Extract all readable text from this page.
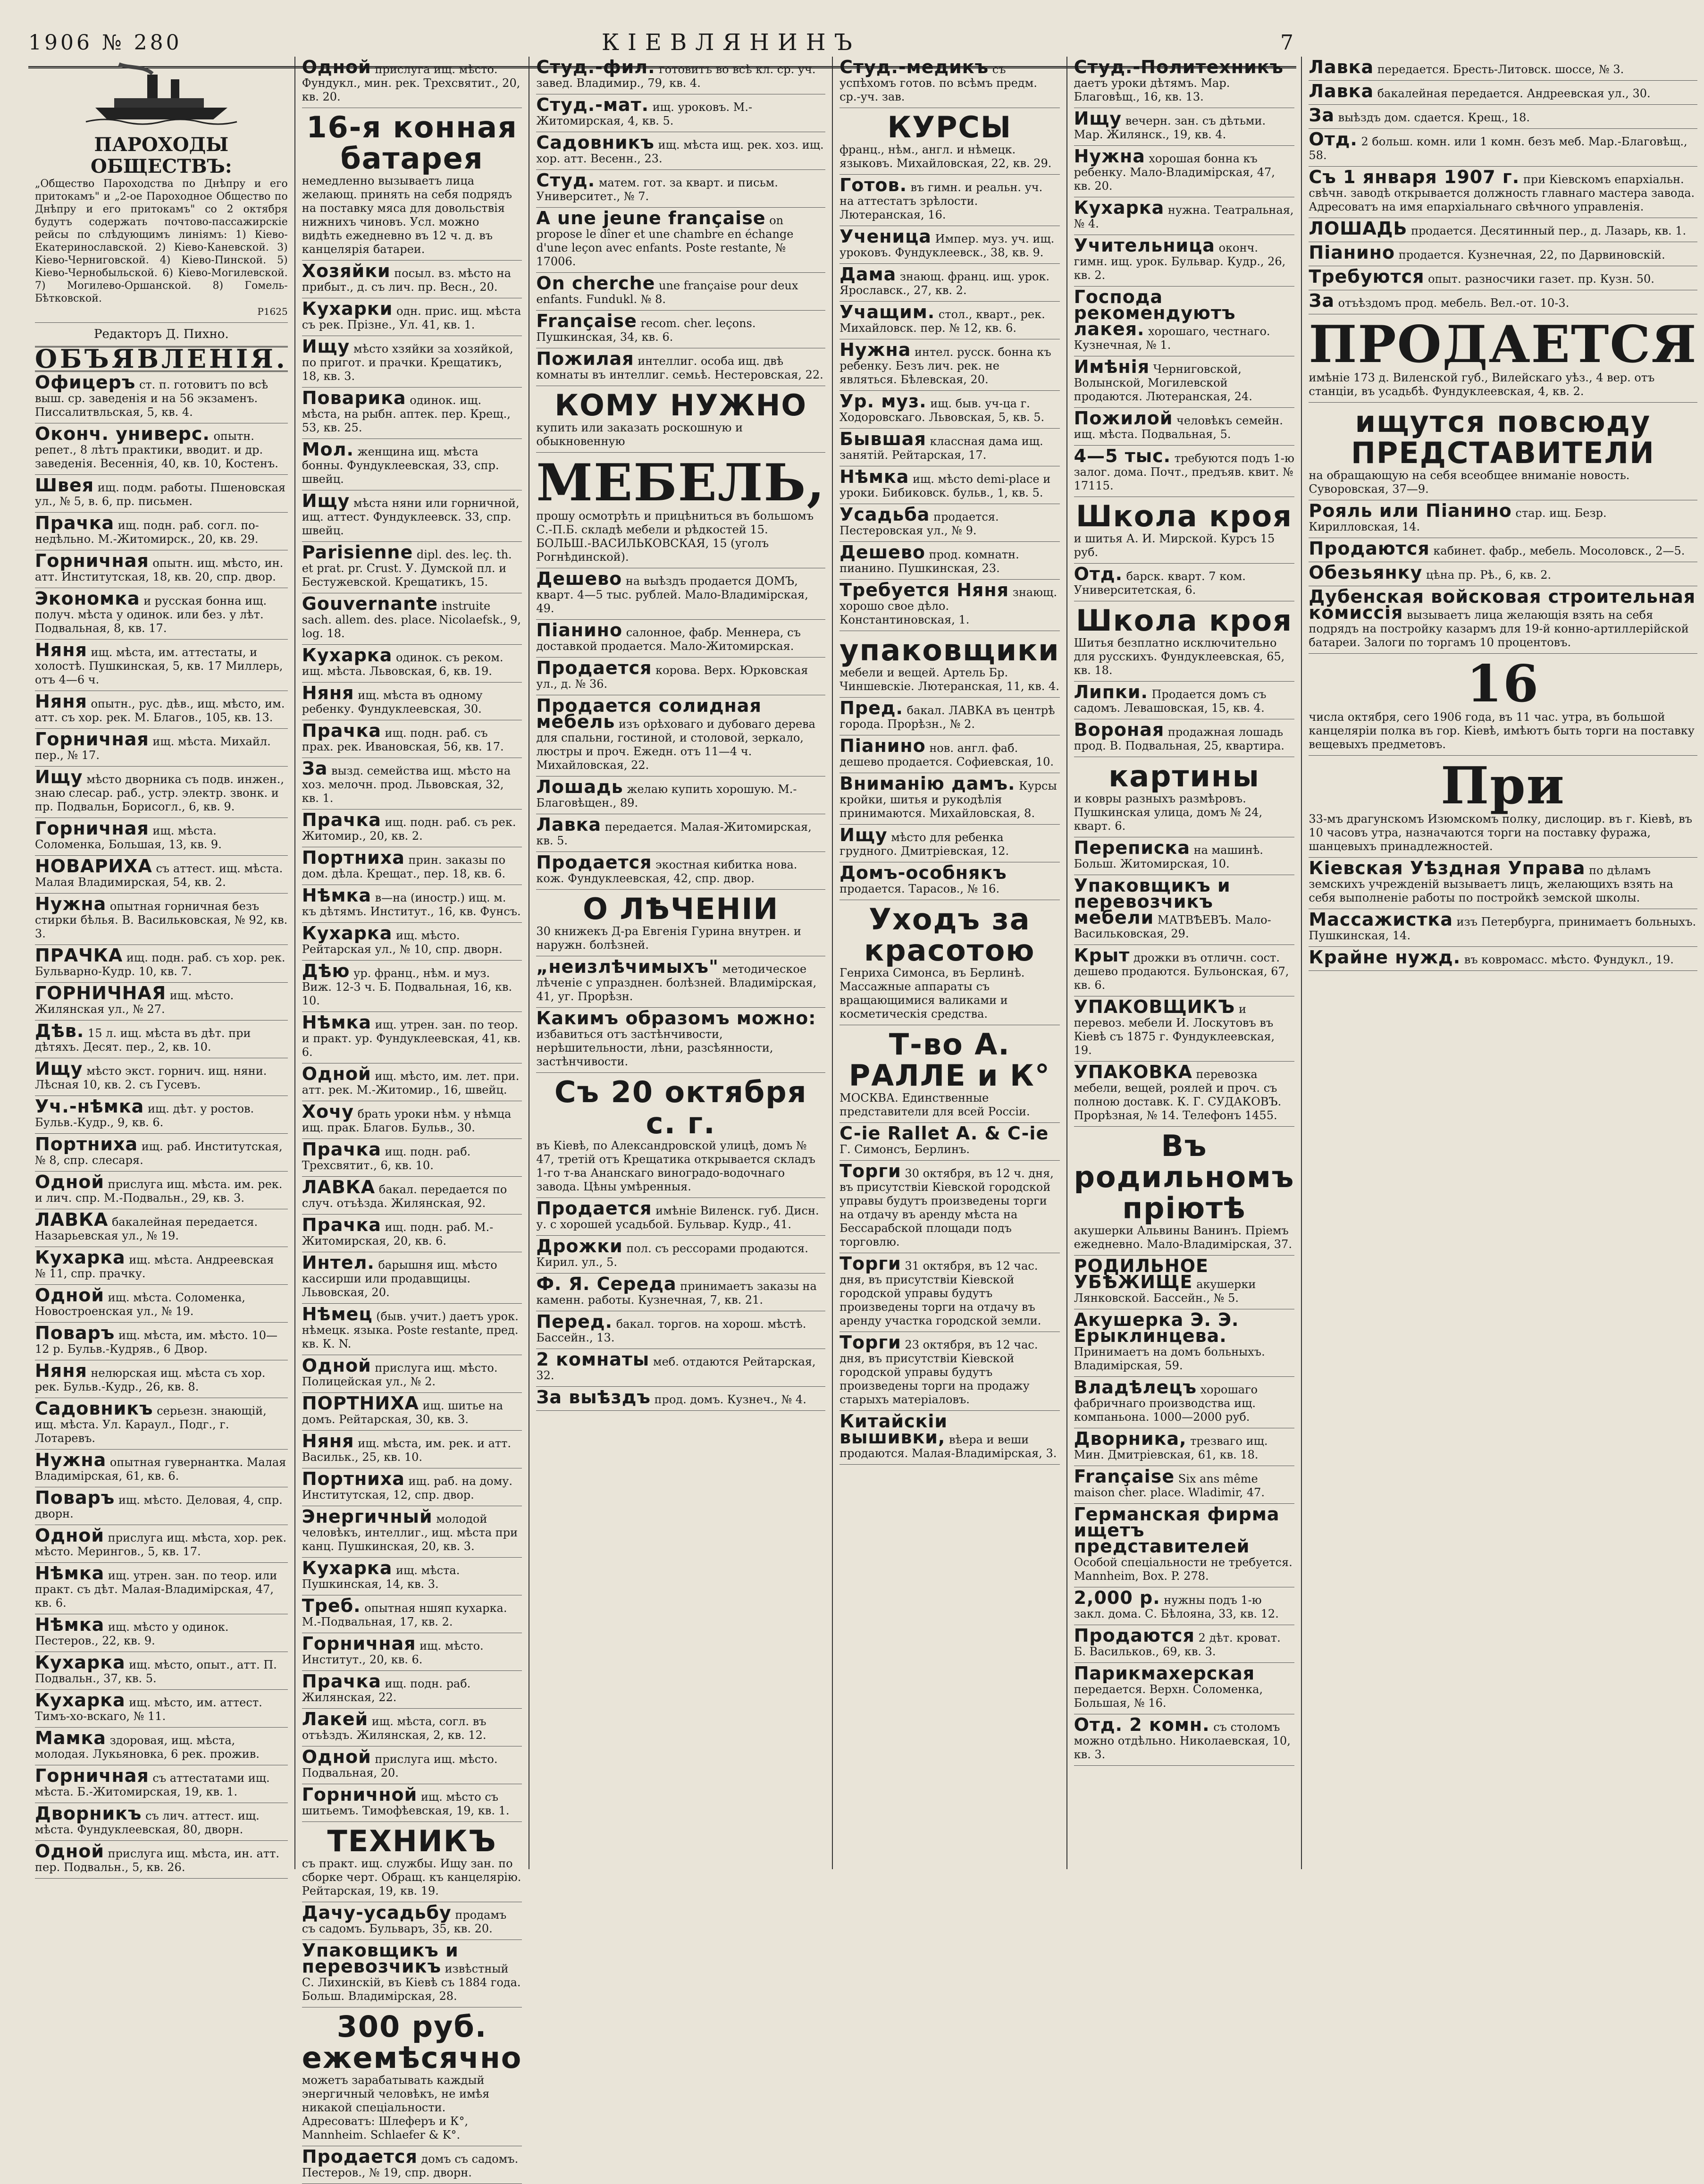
1906 № 280	КІЕВЛЯНИНЪ	7
ПАРОХОДЫ ОБЩЕСТВЪ:
„Общество Пароходства по Днѣпру и его притокамъ" и „2-ое Пароходное Общество по Днѣпру и его притокамъ" со 2 октября будутъ содержать почтово-пассажирскіе рейсы по слѣдующимъ линіямъ: 1) Кіево-Екатеринославской. 2) Кіево-Каневской. 3) Кіево-Черниговской. 4) Кіево-Пинской. 5) Кіево-Чернобыльской. 6) Кіево-Могилевской. 7) Могилево-Оршанской. 8) Гомель-Бѣтковской.
P1625
Редакторъ Д. Пихно.
ОБЪЯВЛЕНІЯ.
Офицеръ ст. п. готовитъ по всѣ выш. ср. заведенія и на 56 экзаменъ. Писсалитвльская, 5, кв. 4.
Оконч. универс. опытн. репет., 8 лѣтъ практики, вводит. и др. заведенія. Весеннія, 40, кв. 10, Костенъ.
Швея ищ. подм. работы. Пшеновская ул., № 5, в. 6, пр. письмен.
Прачка ищ. подн. раб. согл. по-недѣльно. М.-Житомирск., 20, кв. 29.
Горничная опытн. ищ. мѣсто, ин. атт. Институтская, 18, кв. 20, спр. двор.
Экономка и русская бонна ищ. получ. мѣста у одинок. или без. у лѣт. Подвальная, 8, кв. 17.
Няня ищ. мѣста, им. аттестаты, и холостѣ. Пушкинская, 5, кв. 17 Миллерь, отъ 4—6 ч.
Няня опытн., рус. дѣв., ищ. мѣсто, им. атт. съ хор. рек. М. Благов., 105, кв. 13.
Горничная ищ. мѣста. Михайл. пер., № 17.
Ищу мѣсто дворника съ подв. инжен., знаю слесар. раб., устр. электр. звонк. и пр. Подвальн, Борисогл., 6, кв. 9.
Горничная ищ. мѣста. Соломенка, Большая, 13, кв. 9.
НОВАРИХА съ аттест. ищ. мѣста. Малая Владимирская, 54, кв. 2.
Нужна опытная горничная безъ стирки бѣлья. В. Васильковская, № 92, кв. 3.
ПРАЧКА ищ. подн. раб. съ хор. рек. Бульварно-Кудр. 10, кв. 7.
ГОРНИЧНАЯ ищ. мѣсто. Жилянская ул., № 27.
Дѣв. 15 л. ищ. мѣста въ дѣт. при дѣтяхъ. Десят. пер., 2, кв. 10.
Ищу мѣсто экст. горнич. ищ. няни. Лѣсная 10, кв. 2. съ Гусевъ.
Уч.-нѣмка ищ. дѣт. у ростов. Бульв.-Кудр., 9, кв. 6.
Портниха ищ. раб. Институтская, № 8, спр. слесаря.
Одной прислуга ищ. мѣста. им. рек. и лич. спр. М.-Подвальн., 29, кв. 3.
ЛАВКА бакалейная передается. Назарьевская ул., № 19.
Кухарка ищ. мѣста. Андреевская № 11, спр. прачку.
Одной ищ. мѣста. Соломенка, Новостроенская ул., № 19.
Поваръ ищ. мѣста, им. мѣсто. 10—12 р. Бульв.-Кудряв., 6 Двор.
Няня нелюрская ищ. мѣста съ хор. рек. Бульв.-Кудр., 26, кв. 8.
Садовникъ серьезн. знающій, ищ. мѣста. Ул. Караул., Подг., г. Лотаревъ.
Нужна опытная гувернантка. Малая Владимірская, 61, кв. 6.
Поваръ ищ. мѣсто. Деловая, 4, спр. дворн.
Одной прислуга ищ. мѣста, хор. рек. мѣсто. Мерингов., 5, кв. 17.
Нѣмка ищ. утрен. зан. по теор. или практ. съ дѣт. Малая-Владимірская, 47, кв. 6.
Нѣмка ищ. мѣсто у одинок. Пестеров., 22, кв. 9.
Кухарка ищ. мѣсто, опыт., атт. П. Подвальн., 37, кв. 5.
Кухарка ищ. мѣсто, им. аттест. Тимъ-хо-вскаго, № 11.
Мамка здоровая, ищ. мѣста, молодая. Лукьяновка, 6 рек. прожив.
Горничная съ аттестатами ищ. мѣста. Б.-Житомирская, 19, кв. 1.
Дворникъ съ лич. аттест. ищ. мѣста. Фундуклеевская, 80, дворн.
Одной прислуга ищ. мѣста, ин. атт. пер. Подвальн., 5, кв. 26.
Одной прислуга ищ. мѣсто. Фундукл., мин. рек. Трехсвятит., 20, кв. 20.
16-я конная батарея
немедленно вызываетъ лица желающ. принять на себя подрядъ на поставку мяса для довольствія нижнихъ чиновъ. Усл. можно видѣть ежедневно въ 12 ч. д. въ канцелярія батареи.
Хозяйки посыл. вз. мѣсто на прибыт., д. съ лич. пр. Весн., 20.
Кухарки одн. прис. ищ. мѣста съ рек. Прізне., Ул. 41, кв. 1.
Ищу мѣсто хзяйки за хозяйкой, по пригот. и прачки. Крещатикъ, 18, кв. 3.
Поварика одинок. ищ. мѣста, на рыбн. аптек. пер. Крещ., 53, кв. 25.
Мол. женщина ищ. мѣста бонны. Фундуклеевская, 33, спр. швейц.
Ищу мѣста няни или горничной, ищ. аттест. Фундуклеевск. 33, спр. швейц.
Parisienne dipl. des. leç. th. et prat. pr. Crust. У. Думской пл. и Бестужевской. Крещатикъ, 15.
Gouvernante instruite sach. allem. des. place. Nicolaefsk., 9, log. 18.
Кухарка одинок. съ реком. ищ. мѣста. Львовская, 6, кв. 19.
Няня ищ. мѣста въ одному ребенку. Фундуклеевская, 30.
Прачка ищ. подн. раб. съ прах. рек. Ивановская, 56, кв. 17.
За вызд. семейства ищ. мѣсто на хоз. мелочн. прод. Львовская, 32, кв. 1.
Прачка ищ. подн. раб. съ рек. Житомир., 20, кв. 2.
Портниха прин. заказы по дом. дѣла. Крещат., пер. 18, кв. 6.
Нѣмка в—на (иностр.) ищ. м. къ дѣтямъ. Институт., 16, кв. Фунсъ.
Кухарка ищ. мѣсто. Рейтарская ул., № 10, спр. дворн.
Дѣю ур. франц., нѣм. и муз. Виж. 12-3 ч. Б. Подвальная, 16, кв. 10.
Нѣмка ищ. утрен. зан. по теор. и практ. ур. Фундуклеевская, 41, кв. 6.
Одной ищ. мѣсто, им. лет. при. атт. рек. М.-Житомир., 16, швейц.
Хочу брать уроки нѣм. у нѣмца ищ. прак. Благов. Бульв., 30.
Прачка ищ. подн. раб. Трехсвятит., 6, кв. 10.
ЛАВКА бакал. передается по случ. отъѣзда. Жилянская, 92.
Прачка ищ. подн. раб. М.-Житомирская, 20, кв. 6.
Интел. барышня ищ. мѣсто кассирши или продавщицы. Львовская, 20.
Нѣмец (быв. учит.) даетъ урок. нѣмецк. языка. Poste restante, пред. кв. К. N.
Одной прислуга ищ. мѣсто. Полицейская ул., № 2.
ПОРТНИХА ищ. шитье на домъ. Рейтарская, 30, кв. 3.
Няня ищ. мѣста, им. рек. и атт. Васильк., 25, кв. 10.
Портниха ищ. раб. на дому. Институтская, 12, спр. двор.
Энергичный молодой человѣкъ, интеллиг., ищ. мѣста при канц. Пушкинская, 20, кв. 3.
Кухарка ищ. мѣста. Пушкинская, 14, кв. 3.
Треб. опытная ншяп кухарка. М.-Подвальная, 17, кв. 2.
Горничная ищ. мѣсто. Институт., 20, кв. 6.
Прачка ищ. подн. раб. Жилянская, 22.
Лакей ищ. мѣста, согл. въ отъѣздъ. Жилянская, 2, кв. 12.
Одной прислуга ищ. мѣсто. Подвальная, 20.
Горничной ищ. мѣсто съ шитьемъ. Тимофѣевская, 19, кв. 1.
ТЕХНИКЪ
съ практ. ищ. службы. Ищу зан. по сборке черт. Обращ. къ канцелярію. Рейтарская, 19, кв. 19.
Дачу-усадьбу продамъ съ садомъ. Бульваръ, 35, кв. 20.
Упаковщикъ и перевозчикъ извѣстный С. Лихинскій, въ Кіевѣ съ 1884 года. Больш. Владимірская, 28.
300 руб. ежемѣсячно
можетъ зарабатывать каждый энергичный человѣкъ, не имѣя никакой спеціальности. Адресоватъ: Шлеферъ и К°, Mannheim. Schlaefer & K°.
Продается домъ съ садомъ. Пестеров., № 19, спр. дворн.
Студ.-фил. готовитъ во всѣ кл. ср. уч. завед. Владимир., 79, кв. 4.
Студ.-мат. ищ. уроковъ. М.-Житомирская, 4, кв. 5.
Садовникъ ищ. мѣста ищ. рек. хоз. ищ. хор. атт. Весенн., 23.
Студ. матем. гот. за кварт. и письм. Университет., № 7.
A une jeune française on propose le dîner et une chambre en échange d'une leçon avec enfants. Poste restante, № 17006.
On cherche une française pour deux enfants. Fundukl. № 8.
Française recom. cher. leçons. Пушкинская, 34, кв. 6.
Пожилая интеллиг. особа ищ. двѣ комнаты въ интеллиг. семьѣ. Нестеровская, 22.
КОМУ НУЖНО
купить или заказать роскошную и обыкновенную
МЕБЕЛЬ,
прошу осмотрѣть и прицѣниться въ большомъ С.-П.Б. складѣ мебели и рѣдкостей 15. БОЛЬШ.-ВАСИЛЬКОВСКАЯ, 15 (уголъ Рогнѣдинской).
Дешево на выѣздъ продается ДОМЪ, кварт. 4—5 тыс. рублей. Мало-Владимірская, 49.
Піанино салонное, фабр. Меннера, съ доставкой продается. Мало-Житомирская.
Продается корова. Верх. Юрковская ул., д. № 36.
Продается солидная мебель изъ орѣховаго и дубоваго дерева для спальни, гостиной, и столовой, зеркало, люстры и проч. Ежедн. отъ 11—4 ч. Михайловская, 22.
Лошадь желаю купить хорошую. М.-Благовѣщен., 89.
Лавка передается. Малая-Житомирская, кв. 5.
Продается экостная кибитка нова. кож. Фундуклеевская, 42, спр. двор.
О ЛѢЧЕНІИ
30 книжекъ Д-ра Евгенія Гурина внутрен. и наружн. болѣзней.
„неизлѣчимыхъ" методическое лѣченіе с упразднен. болѣзней. Владимірская, 41, уг. Прорѣзн.
Какимъ образомъ можно: избавиться отъ застѣнчивости, нерѣшительности, лѣни, разсѣянности, застѣнчивости.
Съ 20 октября с. г.
въ Кіевѣ, по Александровской улицѣ, домъ № 47, третій отъ Крещатика открывается складъ 1-го т-ва Ананскаго виноградо-водочнаго завода. Цѣны умѣренныя.
Продается имѣніе Виленск. губ. Дисн. у. с хорошей усадьбой. Бульвар. Кудр., 41.
Дрожки пол. съ рессорами продаются. Кирил. ул., 5.
Ф. Я. Середа принимаетъ заказы на каменн. работы. Кузнечная, 7, кв. 21.
Перед. бакал. торгов. на хорош. мѣстѣ. Бассейн., 13.
2 комнаты меб. отдаются Рейтарская, 32.
За выѣздъ прод. домъ. Кузнеч., № 4.
Студ.-медикъ съ успѣхомъ готов. по всѣмъ предм. ср.-уч. зав.
КУРСЫ
франц., нѣм., англ. и нѣмецк. языковъ. Михайловская, 22, кв. 29.
Готов. въ гимн. и реальн. уч. на аттестатъ зрѣлости. Лютеранская, 16.
Ученица Импер. муз. уч. ищ. уроковъ. Фундуклеевск., 38, кв. 9.
Дама знающ. франц. ищ. урок. Ярославск., 27, кв. 2.
Учащим. стол., кварт., рек. Михайловск. пер. № 12, кв. 6.
Нужна интел. русск. бонна къ ребенку. Безъ лич. рек. не являться. Бѣлевская, 20.
Ур. муз. ищ. быв. уч-ца г. Ходоровскаго. Львовская, 5, кв. 5.
Бывшая классная дама ищ. занятій. Рейтарская, 17.
Нѣмка ищ. мѣсто demi-place и уроки. Бибиковск. бульв., 1, кв. 5.
Усадьба продается. Пестеровская ул., № 9.
Дешево прод. комнатн. пианино. Пушкинская, 23.
Требуется Няня знающ. хорошо свое дѣло. Константиновская, 1.
упаковщики
мебели и вещей. Артель Бр. Чиншевскіе. Лютеранская, 11, кв. 4.
Пред. бакал. ЛАВКА въ центрѣ города. Прорѣзн., № 2.
Піанино нов. англ. фаб. дешево продается. Софиевская, 10.
Вниманію дамъ. Курсы кройки, шитья и рукодѣлія принимаются. Михайловская, 8.
Ищу мѣсто для ребенка грудного. Дмитріевская, 12.
Домъ-особнякъ продается. Тарасов., № 16.
Уходъ за красотою
Генриха Симонса, въ Берлинѣ. Массажные аппараты съ вращающимися валиками и косметическія средства.
Т-во А. РАЛЛЕ и К°
МОСКВА. Единственные представители для всей Россіи.
C-ie Rallet A. & C-ie Г. Симонсъ, Берлинъ.
Торги 30 октября, въ 12 ч. дня, въ присутствіи Кіевской городской управы будутъ произведены торги на отдачу въ аренду мѣста на Бессарабской площади подъ торговлю.
Торги 31 октября, въ 12 час. дня, въ присутствіи Кіевской городской управы будутъ произведены торги на отдачу въ аренду участка городской земли.
Торги 23 октября, въ 12 час. дня, въ присутствіи Кіевской городской управы будутъ произведены торги на продажу старыхъ матеріаловъ.
Китайскіи вышивки, вѣера и веши продаются. Малая-Владимірская, 3.
Студ.-Политехникъ даетъ уроки дѣтямъ. Мар. Благовѣщ., 16, кв. 13.
Ищу вечерн. зан. съ дѣтьми. Мар. Жилянск., 19, кв. 4.
Нужна хорошая бонна къ ребенку. Мало-Владимірская, 47, кв. 20.
Кухарка нужна. Театральная, № 4.
Учительница оконч. гимн. ищ. урок. Бульвар. Кудр., 26, кв. 2.
Господа рекомендуютъ лакея. хорошаго, честнаго. Кузнечная, № 1.
Имѣнія Черниговской, Волынской, Могилевской продаются. Лютеранская, 24.
Пожилой человѣкъ семейн. ищ. мѣста. Подвальная, 5.
4—5 тыс. требуются подъ 1-ю залог. дома. Почт., предъяв. квит. № 17115.
Школа кроя
и шитья А. И. Мирской. Курсъ 15 руб.
Отд. барск. кварт. 7 ком. Университетская, 6.
Школа кроя
Шитья безплатно исключительно для русскихъ. Фундуклеевская, 65, кв. 18.
Липки. Продается домъ съ садомъ. Левашовская, 15, кв. 4.
Вороная продажная лошадь прод. В. Подвальная, 25, квартира.
картины
и ковры разныхъ размѣровъ. Пушкинская улица, домъ № 24, кварт. 6.
Переписка на машинѣ. Больш. Житомирская, 10.
Упаковщикъ и перевозчикъ мебели МАТВѢЕВЪ. Мало-Васильковская, 29.
Крыт дрожки въ отличн. сост. дешево продаются. Бульонская, 67, кв. 6.
УПАКОВЩИКЪ и перевоз. мебели И. Лоскутовъ въ Кіевѣ съ 1875 г. Фундуклеевская, 19.
УПАКОВКА перевозка мебели, вещей, роялей и проч. съ полною доставк. К. Г. СУДАКОВЪ. Прорѣзная, № 14. Телефонъ 1455.
Въ родильномъ пріютѣ
акушерки Альвины Ванинъ. Пріемъ ежедневно. Мало-Владимірская, 37.
РОДИЛЬНОЕ УБѢЖИЩЕ акушерки Лянковской. Бассейн., № 5.
Акушерка Э. Э. Ерыклинцева. Принимаетъ на домъ больныхъ. Владимірская, 59.
Владѣлецъ хорошаго фабричнаго производства ищ. компаньона. 1000—2000 руб.
Дворника, трезваго ищ. Мин. Дмитріевская, 61, кв. 18.
Française Six ans même maison cher. place. Wladimir, 47.
Германская фирма ищетъ представителей Особой спеціальности не требуется. Mannheim, Box. P. 278.
2,000 р. нужны подъ 1-ю закл. дома. С. Бѣлояна, 33, кв. 12.
Продаются 2 дѣт. кроват. Б. Васильков., 69, кв. 3.
Парикмахерская передается. Верхн. Соломенка, Большая, № 16.
Отд. 2 комн. съ столомъ можно отдѣльно. Николаевская, 10, кв. 3.
Лавка передается. Бресть-Литовск. шоссе, № 3.
Лавка бакалейная передается. Андреевская ул., 30.
За выѣздъ дом. сдается. Крещ., 18.
Отд. 2 больш. комн. или 1 комн. безъ меб. Мар.-Благовѣщ., 58.
Съ 1 января 1907 г. при Кіевскомъ епархіальн. свѣчн. заводѣ открывается должность главнаго мастера завода. Адресоватъ на имя епархіальнаго свѣчного управленія.
ЛОШАДЬ продается. Десятинный пер., д. Лазарь, кв. 1.
Піанино продается. Кузнечная, 22, по Дарвиновскій.
Требуются опыт. разносчики газет. пр. Кузн. 50.
За отъѣздомъ прод. мебель. Вел.-от. 10-3.
ПРОДАЕТСЯ
имѣніе 173 д. Виленской губ., Вилейскаго уѣз., 4 вер. отъ станціи, въ усадьбѣ. Фундуклеевская, 4, кв. 2.
ищутся повсюду ПРЕДСТАВИТЕЛИ
на обращающую на себя всеобщее вниманіе новость. Суворовская, 37—9.
Рояль или Піанино стар. ищ. Безр. Кирилловская, 14.
Продаются кабинет. фабр., мебель. Мосоловск., 2—5.
Обезьянку цѣна пр. Рѣ., 6, кв. 2.
Дубенская войсковая строительная комиссія вызываетъ лица желающія взять на себя подрядъ на постройку казармъ для 19-й конно-артиллерійской батареи. Залоги по торгамъ 10 процентовъ.
16
числа октября, сего 1906 года, въ 11 час. утра, въ большой канцеляріи полка въ гор. Кіевѣ, имѣютъ быть торги на поставку вещевыхъ предметовъ.
При
33-мъ драгунскомъ Изюмскомъ полку, дислоцир. въ г. Кіевѣ, въ 10 часовъ утра, назначаются торги на поставку фуража, шанцевыхъ принадлежностей.
Кіевская Уѣздная Управа по дѣламъ земскихъ учрежденій вызываетъ лицъ, желающихъ взять на себя выполненіе работы по постройкѣ земской школы.
Массажистка изъ Петербурга, принимаетъ больныхъ. Пушкинская, 14.
Крайне нужд. въ ковромасс. мѣсто. Фундукл., 19.
